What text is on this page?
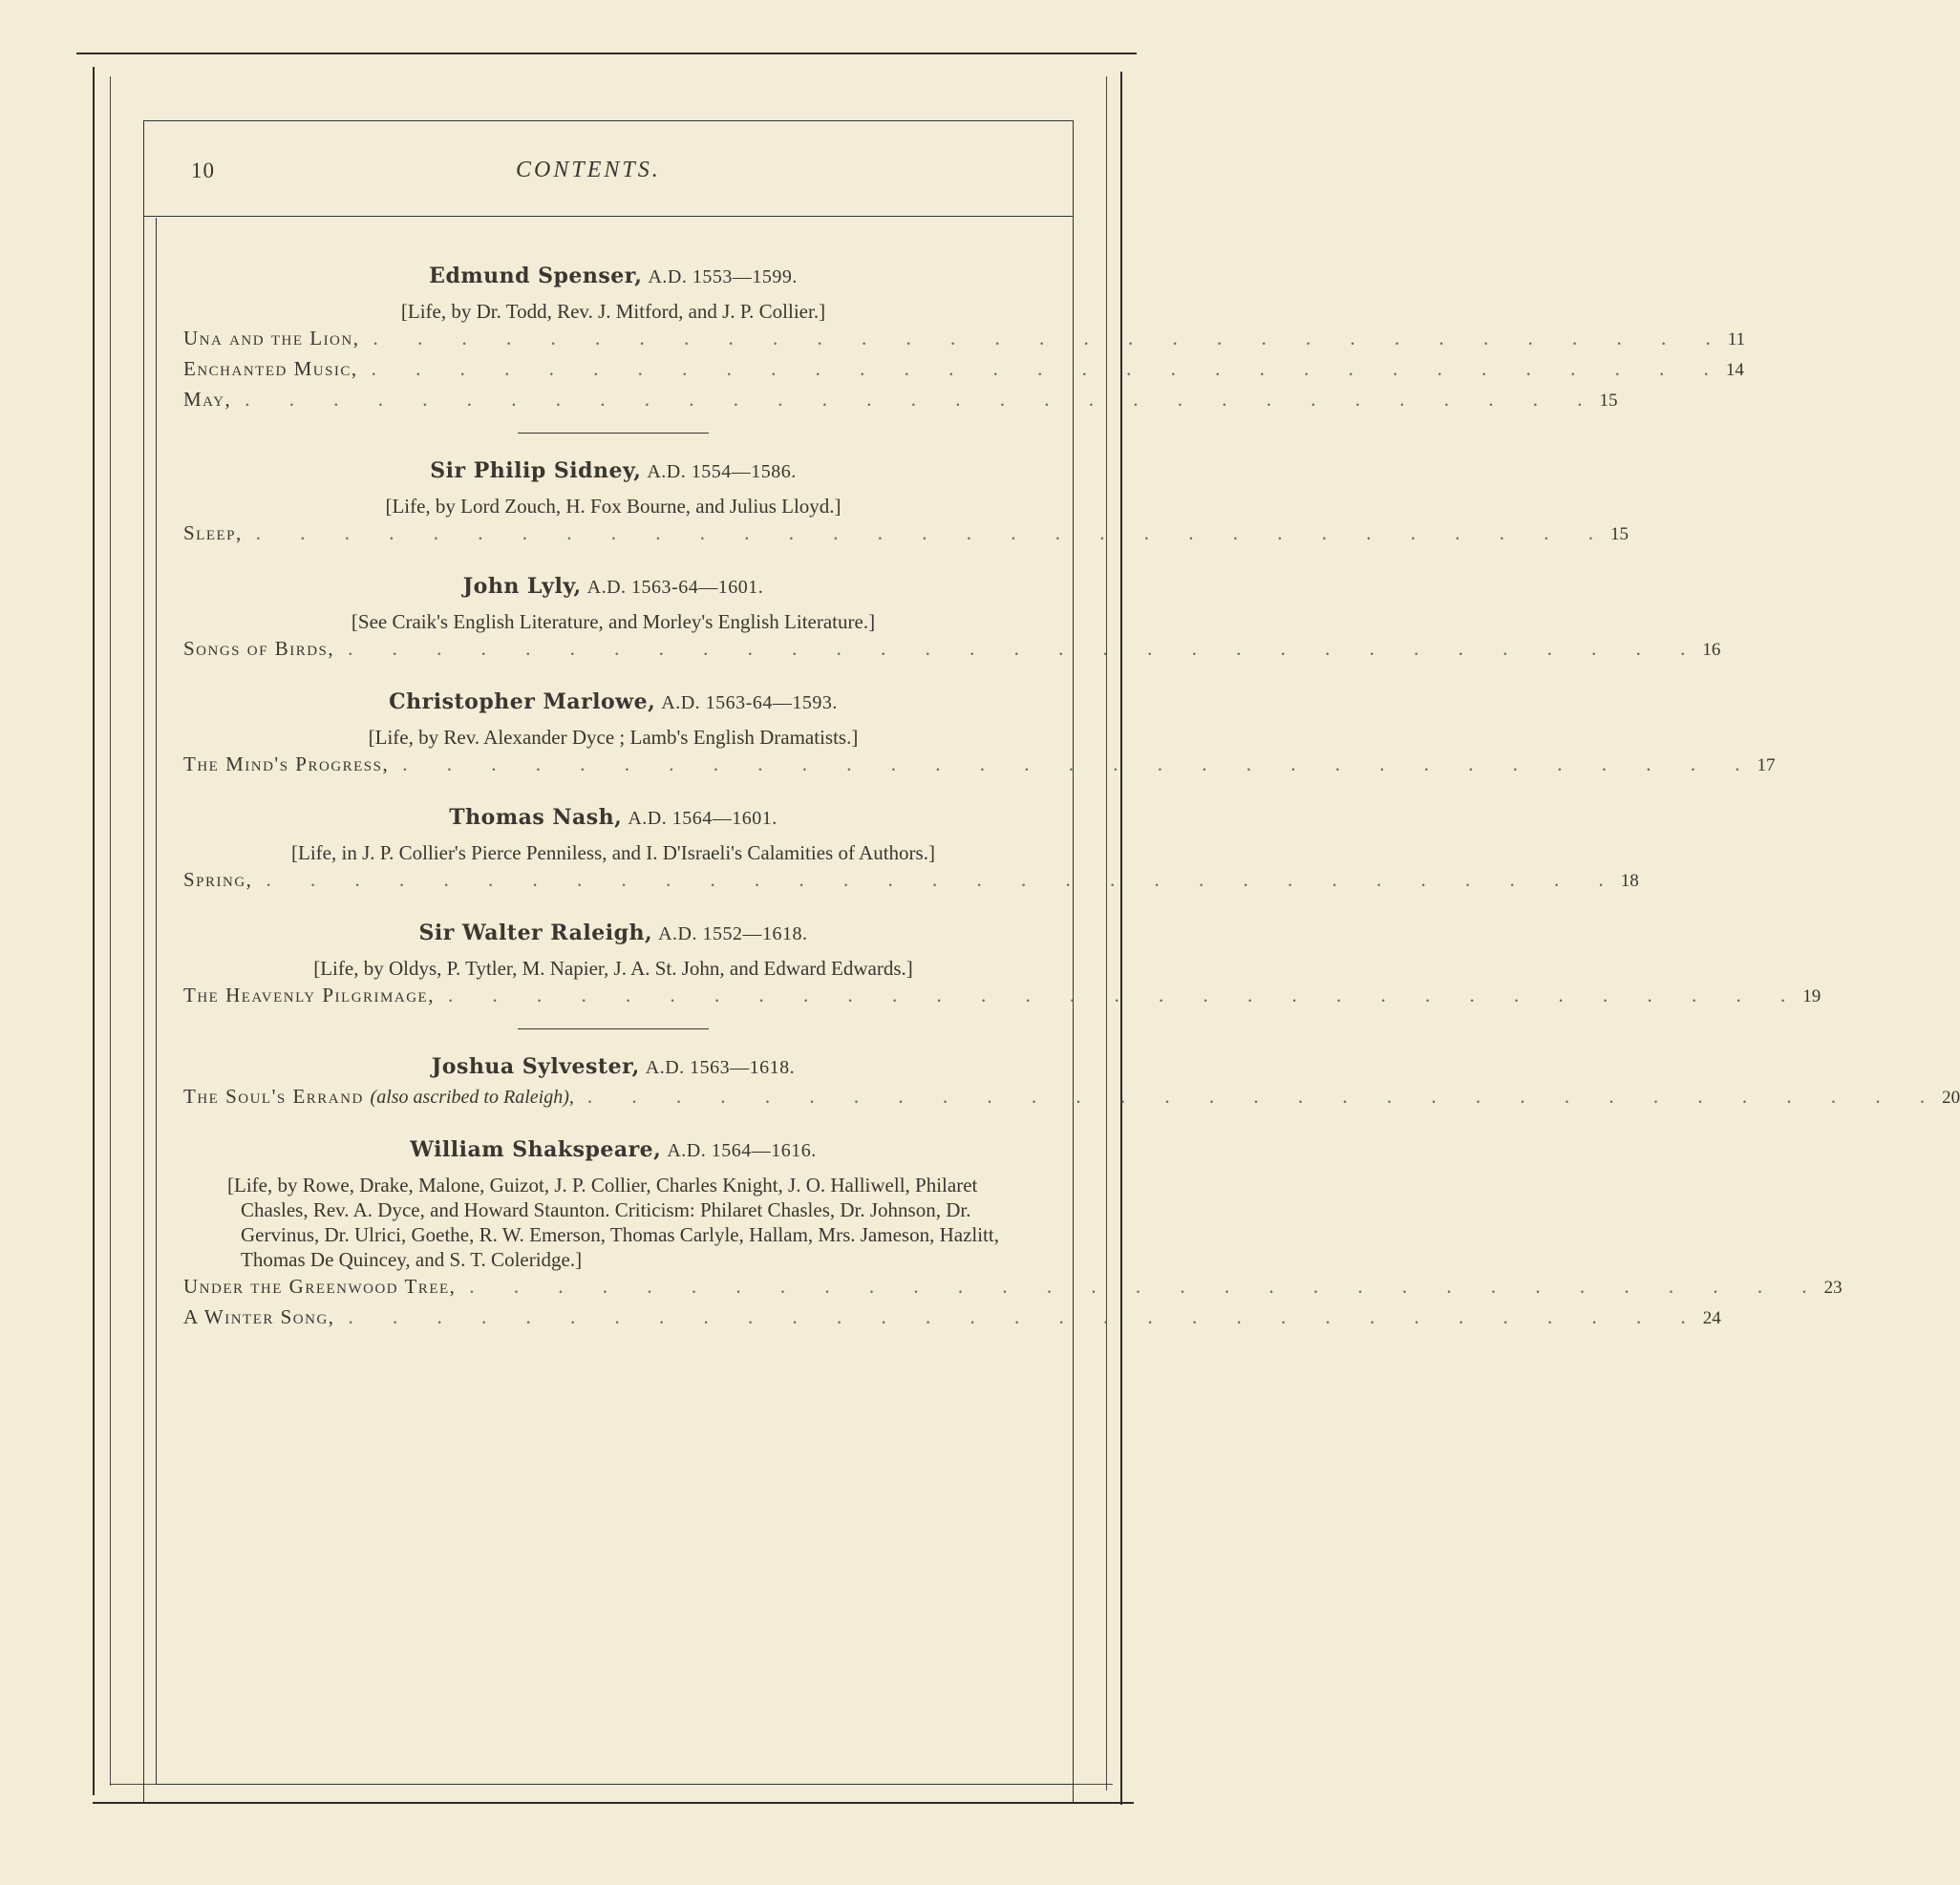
10	CONTENTS.
Edmund Spenser, A.D. 1553—1599.
[Life, by Dr. Todd, Rev. J. Mitford, and J. P. Collier.]
Una and the Lion, . . . . . . . . . . . . . . . . . . . . . . . . . . . . . . . 11
Enchanted Music, . . . . . . . . . . . . . . . . . . . . . . . . . . . . . . . 14
May, . . . . . . . . . . . . . . . . . . . . . . . . . . . . . . . 15
Sir Philip Sidney, A.D. 1554—1586.
[Life, by Lord Zouch, H. Fox Bourne, and Julius Lloyd.]
Sleep, . . . . . . . . . . . . . . . . . . . . . . . . . . . . . . . 15
John Lyly, A.D. 1563-64—1601.
[See Craik's English Literature, and Morley's English Literature.]
Songs of Birds, . . . . . . . . . . . . . . . . . . . . . . . . . . . . . . . 16
Christopher Marlowe, A.D. 1563-64—1593.
[Life, by Rev. Alexander Dyce ; Lamb's English Dramatists.]
The Mind's Progress, . . . . . . . . . . . . . . . . . . . . . . . . . . . . . . . 17
Thomas Nash, A.D. 1564—1601.
[Life, in J. P. Collier's Pierce Penniless, and I. D'Israeli's Calamities of Authors.]
Spring, . . . . . . . . . . . . . . . . . . . . . . . . . . . . . . . 18
Sir Walter Raleigh, A.D. 1552—1618.
[Life, by Oldys, P. Tytler, M. Napier, J. A. St. John, and Edward Edwards.]
The Heavenly Pilgrimage, . . . . . . . . . . . . . . . . . . . . . . . . . . . . . . . 19
Joshua Sylvester, A.D. 1563—1618.
The Soul's Errand (also ascribed to Raleigh), . . . . . . . . . . . . . . . . . . . . . . . . . . . . . . . 20
William Shakspeare, A.D. 1564—1616.
[Life, by Rowe, Drake, Malone, Guizot, J. P. Collier, Charles Knight, J. O. Halliwell, Philaret Chasles, Rev. A. Dyce, and Howard Staunton. Criticism: Philaret Chasles, Dr. Johnson, Dr. Gervinus, Dr. Ulrici, Goethe, R. W. Emerson, Thomas Carlyle, Hallam, Mrs. Jameson, Hazlitt, Thomas De Quincey, and S. T. Coleridge.]
Under the Greenwood Tree, . . . . . . . . . . . . . . . . . . . . . . . . . . . . . . . 23
A Winter Song, . . . . . . . . . . . . . . . . . . . . . . . . . . . . . . . 24
